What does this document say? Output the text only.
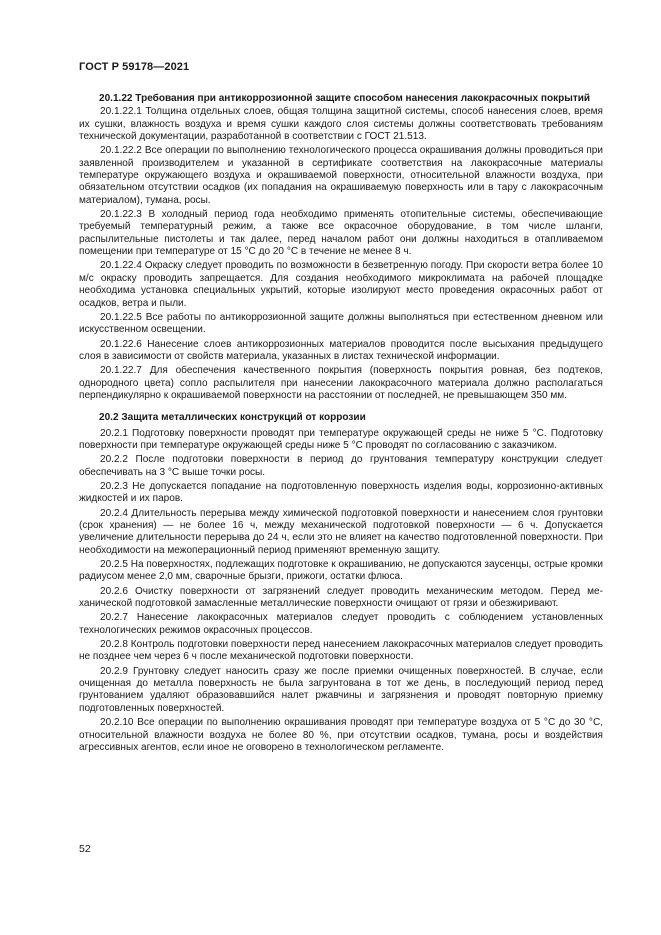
ГОСТ Р 59178—2021
20.1.22 Требования при антикоррозионной защите способом нанесения лакокрасочных покрытий

20.1.22.1 Толщина отдельных слоев, общая толщина защитной системы, способ нанесения слоев, время их сушки, влажность воздуха и время сушки каждого слоя системы должны соответствовать требованиям технической документации, разработанной в соответствии с ГОСТ 21.513.

20.1.22.2 Все операции по выполнению технологического процесса окрашивания должны проводиться при заявленной производителем и указанной в сертификате соответствия на лакокрасочные материалы температуре окружающего воздуха и окрашиваемой поверхности, относительной влажности воздуха, при обязательном отсутствии осадков (их попадания на окрашиваемую поверхность или в тару с лакокрасочным материалом), тумана, росы.

20.1.22.3 В холодный период года необходимо применять отопительные системы, обеспечивающие требуемый температурный режим, а также все окрасочное оборудование, в том числе шланги, распылительные пистолеты и так далее, перед началом работ они должны находиться в отапливаемом помещении при температуре от 15 °C до 20 °C в течение не менее 8 ч.

20.1.22.4 Окраску следует проводить по возможности в безветренную погоду. При скорости ветра более 10 м/с окраску проводить запрещается. Для создания необходимого микроклимата на рабочей площадке необходима установка специальных укрытий, которые изолируют место проведения окрасочных работ от осадков, ветра и пыли.

20.1.22.5 Все работы по антикоррозионной защите должны выполняться при естественном дневном или искусственном освещении.

20.1.22.6 Нанесение слоев антикоррозионных материалов проводится после высыхания предыдущего слоя в зависимости от свойств материала, указанных в листах технической информации.

20.1.22.7 Для обеспечения качественного покрытия (поверхность покрытия ровная, без подтеков, однородного цвета) сопло распылителя при нанесении лакокрасочного материала должно располагаться перпендикулярно к окрашиваемой поверхности на расстоянии от последней, не превышающем 350 мм.

20.2 Защита металлических конструкций от коррозии

20.2.1 Подготовку поверхности проводят при температуре окружающей среды не ниже 5 °C. Подготовку поверхности при температуре окружающей среды ниже 5 °C проводят по согласованию с заказчиком.

20.2.2 После подготовки поверхности в период до грунтования температуру конструкции следует обеспечивать на 3 °C выше точки росы.

20.2.3 Не допускается попадание на подготовленную поверхность изделия воды, коррозионно-активных жидкостей и их паров.

20.2.4 Длительность перерыва между химической подготовкой поверхности и нанесением слоя грунтовки (срок хранения) — не более 16 ч, между механической подготовкой поверхности — 6 ч. Допускается увеличение длительности перерыва до 24 ч, если это не влияет на качество подготовленной поверхности. При необходимости на межоперационный период применяют временную защиту.

20.2.5 На поверхностях, подлежащих подготовке к окрашиванию, не допускаются заусенцы, острые кромки радиусом менее 2,0 мм, сварочные брызги, прижоги, остатки флюса.

20.2.6 Очистку поверхности от загрязнений следует проводить механическим методом. Перед механической подготовкой замасленные металлические поверхности очищают от грязи и обезжиривают.

20.2.7 Нанесение лакокрасочных материалов следует проводить с соблюдением установленных технологических режимов окрасочных процессов.

20.2.8 Контроль подготовки поверхности перед нанесением лакокрасочных материалов следует проводить не позднее чем через 6 ч после механической подготовки поверхности.

20.2.9 Грунтовку следует наносить сразу же после приемки очищенных поверхностей. В случае, если очищенная до металла поверхность не была загрунтована в тот же день, в последующий период перед грунтованием удаляют образовавшийся налет ржавчины и загрязнения и проводят повторную приемку подготовленных поверхностей.

20.2.10 Все операции по выполнению окрашивания проводят при температуре воздуха от 5 °C до 30 °C, относительной влажности воздуха не более 80 %, при отсутствии осадков, тумана, росы и воздействия агрессивных агентов, если иное не оговорено в технологическом регламенте.

52
